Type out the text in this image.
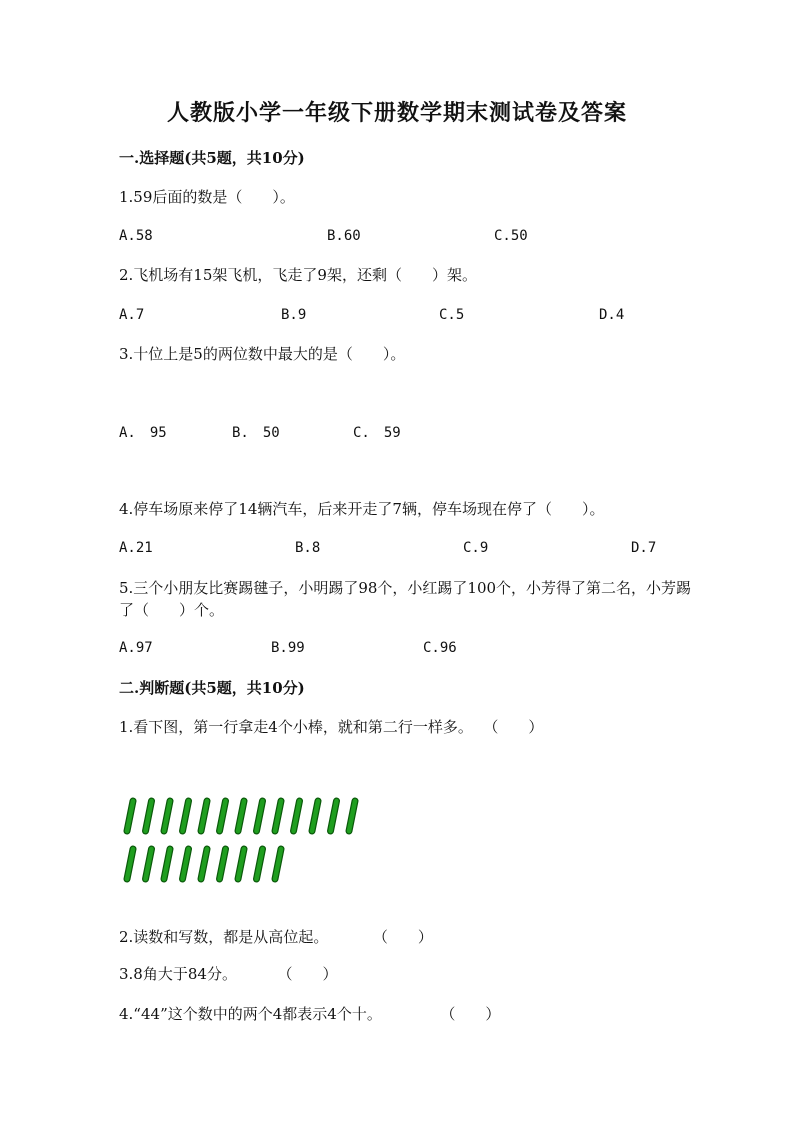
人教版小学一年级下册数学期末测试卷及答案
一.选择题(共5题，共10分)
1.59后面的数是（　　）。
A.58	B.60	C.50
2.飞机场有15架飞机，飞走了9架，还剩（　　）架。
A.7	B.9	C.5	D.4
3.十位上是5的两位数中最大的是（　　）。
A.　95	B.　50	C.　59
4.停车场原来停了14辆汽车，后来开走了7辆，停车场现在停了（　　）。
A.21	B.8	C.9	D.7
5.三个小朋友比赛踢毽子，小明踢了98个，小红踢了100个，小芳得了第二名，小芳踢了（　　）个。
A.97	B.99	C.96
二.判断题(共5题，共10分)
1.看下图，第一行拿走4个小棒，就和第二行一样多。 （　　）
2.读数和写数，都是从高位起。	（　　）
3.8角大于84分。	（　　）
4.“44”这个数中的两个4都表示4个十。	（　　）
